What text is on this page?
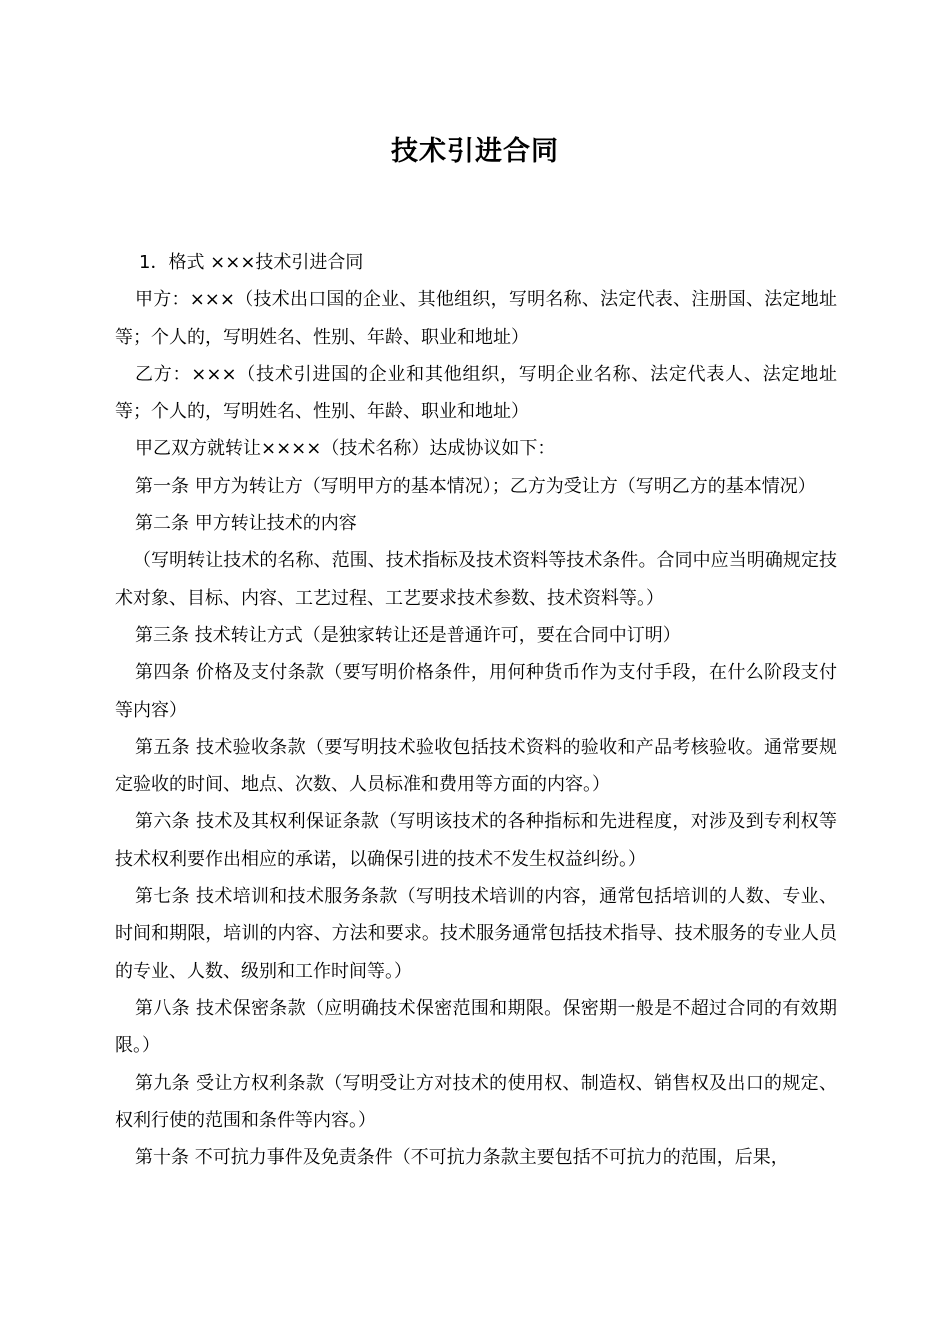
技术引进合同

1．格式 ×××技术引进合同

甲方：×××（技术出口国的企业、其他组织，写明名称、法定代表、注册国、法定地址等；个人的，写明姓名、性别、年龄、职业和地址）

乙方：×××（技术引进国的企业和其他组织，写明企业名称、法定代表人、法定地址等；个人的，写明姓名、性别、年龄、职业和地址）

甲乙双方就转让××××（技术名称）达成协议如下：

第一条 甲方为转让方（写明甲方的基本情况）；乙方为受让方（写明乙方的基本情况）

第二条 甲方转让技术的内容

（写明转让技术的名称、范围、技术指标及技术资料等技术条件。合同中应当明确规定技术对象、目标、内容、工艺过程、工艺要求技术参数、技术资料等。）

第三条 技术转让方式（是独家转让还是普通许可，要在合同中订明）

第四条 价格及支付条款（要写明价格条件，用何种货币作为支付手段，在什么阶段支付等内容）

第五条 技术验收条款（要写明技术验收包括技术资料的验收和产品考核验收。通常要规定验收的时间、地点、次数、人员标准和费用等方面的内容。）

第六条 技术及其权利保证条款（写明该技术的各种指标和先进程度，对涉及到专利权等技术权利要作出相应的承诺，以确保引进的技术不发生权益纠纷。）

第七条 技术培训和技术服务条款（写明技术培训的内容，通常包括培训的人数、专业、时间和期限，培训的内容、方法和要求。技术服务通常包括技术指导、技术服务的专业人员的专业、人数、级别和工作时间等。）

第八条 技术保密条款（应明确技术保密范围和期限。保密期一般是不超过合同的有效期限。）

第九条 受让方权利条款（写明受让方对技术的使用权、制造权、销售权及出口的规定、权利行使的范围和条件等内容。）

第十条 不可抗力事件及免责条件（不可抗力条款主要包括不可抗力的范围，后果，
